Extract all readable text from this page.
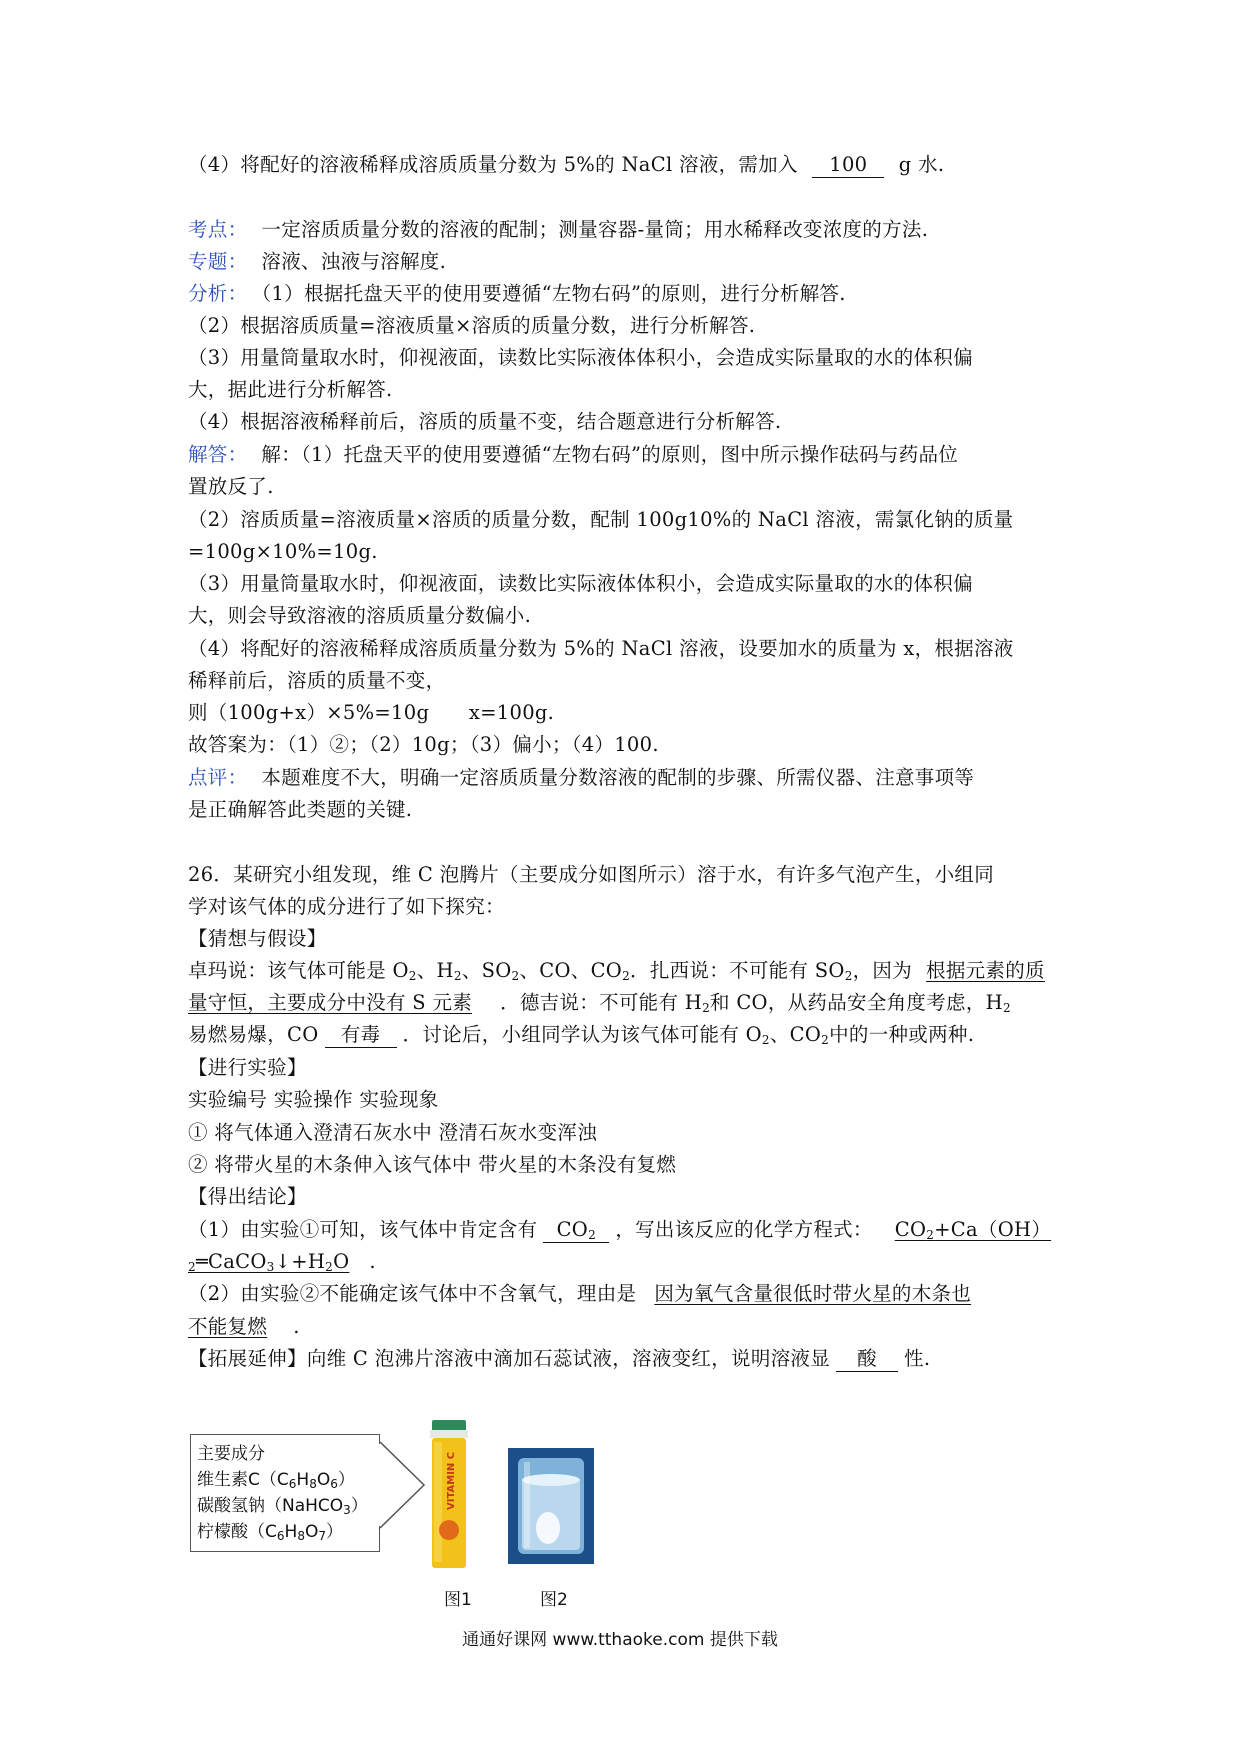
（4）将配好的溶液稀释成溶质质量分数为 5%的 NaCl 溶液，需加入 100 g 水.
考点： 一定溶质质量分数的溶液的配制；测量容器-量筒；用水稀释改变浓度的方法.
专题： 溶液、浊液与溶解度.
分析： （1）根据托盘天平的使用要遵循“左物右码”的原则，进行分析解答.
（2）根据溶质质量=溶液质量×溶质的质量分数，进行分析解答.
（3）用量筒量取水时，仰视液面，读数比实际液体体积小，会造成实际量取的水的体积偏
大，据此进行分析解答.
（4）根据溶液稀释前后，溶质的质量不变，结合题意进行分析解答.
解答： 解：（1）托盘天平的使用要遵循“左物右码”的原则，图中所示操作砝码与药品位
置放反了.
（2）溶质质量=溶液质量×溶质的质量分数，配制 100g10%的 NaCl 溶液，需氯化钠的质量
=100g×10%=10g.
（3）用量筒量取水时，仰视液面，读数比实际液体体积小，会造成实际量取的水的体积偏
大，则会导致溶液的溶质质量分数偏小.
（4）将配好的溶液稀释成溶质质量分数为 5%的 NaCl 溶液，设要加水的质量为 x，根据溶液
稀释前后，溶质的质量不变，
则（100g+x）×5%=10g　　x=100g.
故答案为：（1）②；（2）10g；（3）偏小；（4）100.
点评： 本题难度不大，明确一定溶质质量分数溶液的配制的步骤、所需仪器、注意事项等
是正确解答此类题的关键.
26．某研究小组发现，维 C 泡腾片（主要成分如图所示）溶于水，有许多气泡产生，小组同
学对该气体的成分进行了如下探究：
【猜想与假设】
卓玛说：该气体可能是 $O_2$、$H_2$、$SO_2$、CO、$CO_2$．扎西说：不可能有 $SO_2$，因为 根据元素的质
量守恒，主要成分中没有 S 元素 ．德吉说：不可能有 $H_2$和 CO，从药品安全角度考虑，$H_2$
易燃易爆，CO 有毒 ．讨论后，小组同学认为该气体可能有 $O_2$、$CO_2$中的一种或两种.
【进行实验】
实验编号 实验操作 实验现象
① 将气体通入澄清石灰水中 澄清石灰水变浑浊
② 将带火星的木条伸入该气体中 带火星的木条没有复燃
【得出结论】
（1）由实验①可知，该气体中肯定含有 $CO_2$ ，写出该反应的化学方程式： $CO_2+Ca(OH)$
$_2═CaCO_3↓+H_2O$ .
（2）由实验②不能确定该气体中不含氧气，理由是 因为氧气含量很低时带火星的木条也
不能复燃 .
【拓展延伸】向维 C 泡沸片溶液中滴加石蕊试液，溶液变红，说明溶液显 酸 性.
主要成分
维生素$C(C_6H_8O_6)$
碳酸氢钠（NaHCO$_3$）
柠檬酸$(C_6H_8O_7)$
VITAMIN C
图1	图2
通通好课网 www.tthaoke.com 提供下载
